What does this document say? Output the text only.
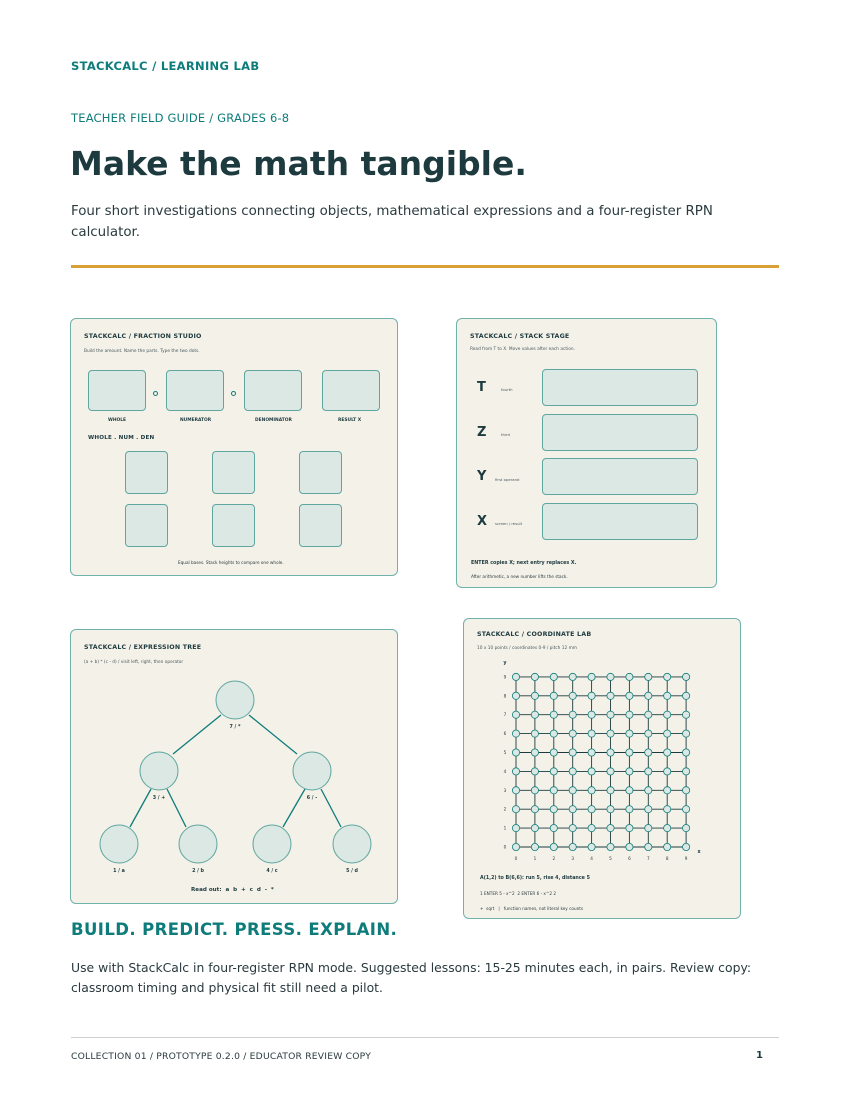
STACKCALC / LEARNING LAB
TEACHER FIELD GUIDE / GRADES 6-8
Make the math tangible.

Four short investigations connecting objects, mathematical expressions and a four-register RPN calculator.

STACKCALC / FRACTION STUDIO
Build the amount. Name the parts. Type the two dots.
WHOLE	NUMERATOR	DENOMINATOR	RESULT X
WHOLE . NUM . DEN
Equal bases. Stack heights to compare one whole.
STACKCALC / STACK STAGE
Read from T to X. Move values after each action.
T	fourth
Z	third
Y first operand
X screen / result
ENTER copies X; next entry replaces X.
After arithmetic, a new number lifts the stack.
STACKCALC / EXPRESSION TREE
(a + b) * (c - d) / visit left, right, then operator
7 / *
3 / +	6 / -
1 / a	2 / b	4 / c	5 / d
Read out:  a  b  +  c  d  -  *
STACKCALC / COORDINATE LAB
10 x 10 points / coordinates 0-9 / pitch 12 mm
0
0
1
1
2
2
3
3
4
4
5
5
6
6
7
7
8
8
9
9
y
x
A(1,2) to B(6,6): run 5, rise 4, distance 5
1 ENTER 5 - x^2  2 ENTER 6 - x^2 2
+  sqrt   |   function names, not literal key counts
BUILD. PREDICT. PRESS. EXPLAIN.

Use with StackCalc in four-register RPN mode. Suggested lessons: 15-25 minutes each, in pairs. Review copy: classroom timing and physical fit still need a pilot.

COLLECTION 01 / PROTOTYPE 0.2.0 / EDUCATOR REVIEW COPY	1
